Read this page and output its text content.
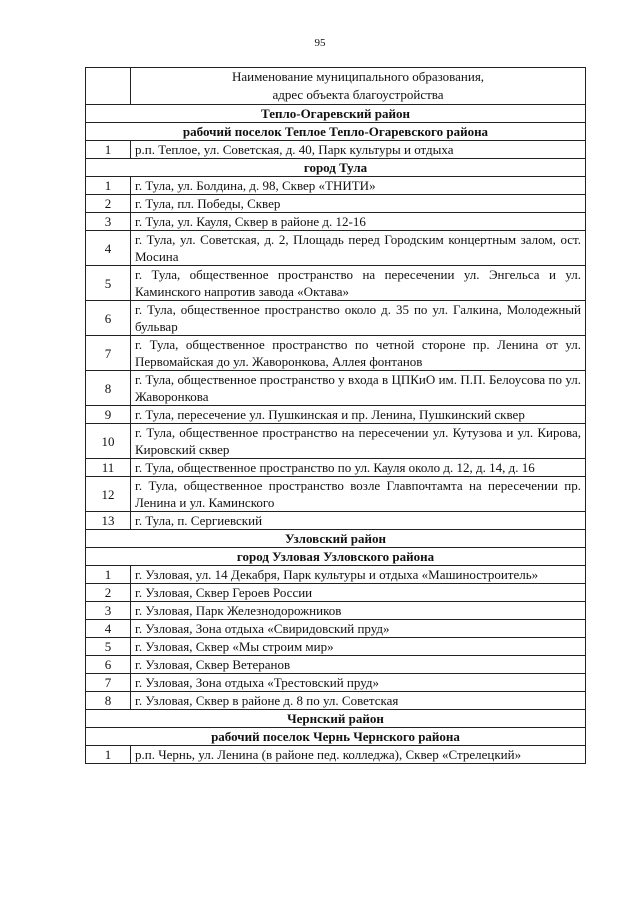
95

	Наименование муниципального образования,
адрес объекта благоустройства

Тепло-Огаревский район	
рабочий поселок Теплое Тепло-Огаревского района	
1	р.п. Теплое, ул. Советская, д. 40, Парк культуры и отдыха
город Тула	
1	г. Тула, ул. Болдина, д. 98, Сквер «ТНИТИ»
2	г. Тула, пл. Победы, Сквер
3	г. Тула, ул. Кауля, Сквер в районе д. 12-16
4	г. Тула, ул. Советская, д. 2, Площадь перед Городским концертным залом, ост. Мосина
5	г. Тула, общественное пространство на пересечении ул. Энгельса и ул. Каминского напротив завода «Октава»
6	г. Тула, общественное пространство около д. 35 по ул. Галкина, Молодежный бульвар
7	г. Тула, общественное пространство по четной стороне пр. Ленина от ул. Первомайская до ул. Жаворонкова, Аллея фонтанов
8	г. Тула, общественное пространство у входа в ЦПКиО им. П.П. Белоусова по ул. Жаворонкова
9	г. Тула, пересечение ул. Пушкинская и пр. Ленина, Пушкинский сквер
10	г. Тула, общественное пространство на пересечении ул. Кутузова и ул. Кирова, Кировский сквер
11	г. Тула, общественное пространство по ул. Кауля около д. 12, д. 14, д. 16
12	г. Тула, общественное пространство возле Главпочтамта на пересечении пр. Ленина и ул. Каминского
13	г. Тула, п. Сергиевский
Узловский район	
город Узловая Узловского района	
1	г. Узловая, ул. 14 Декабря, Парк культуры и отдыха «Машиностроитель»
2	г. Узловая, Сквер Героев России
3	г. Узловая, Парк Железнодорожников
4	г. Узловая, Зона отдыха «Свиридовский пруд»
5	г. Узловая, Сквер «Мы строим мир»
6	г. Узловая, Сквер Ветеранов
7	г. Узловая, Зона отдыха «Трестовский пруд»
8	г. Узловая, Сквер в районе д. 8 по ул. Советская
Чернский район	
рабочий поселок Чернь Чернского района	
1	р.п. Чернь, ул. Ленина (в районе пед. колледжа), Сквер «Стрелецкий»
